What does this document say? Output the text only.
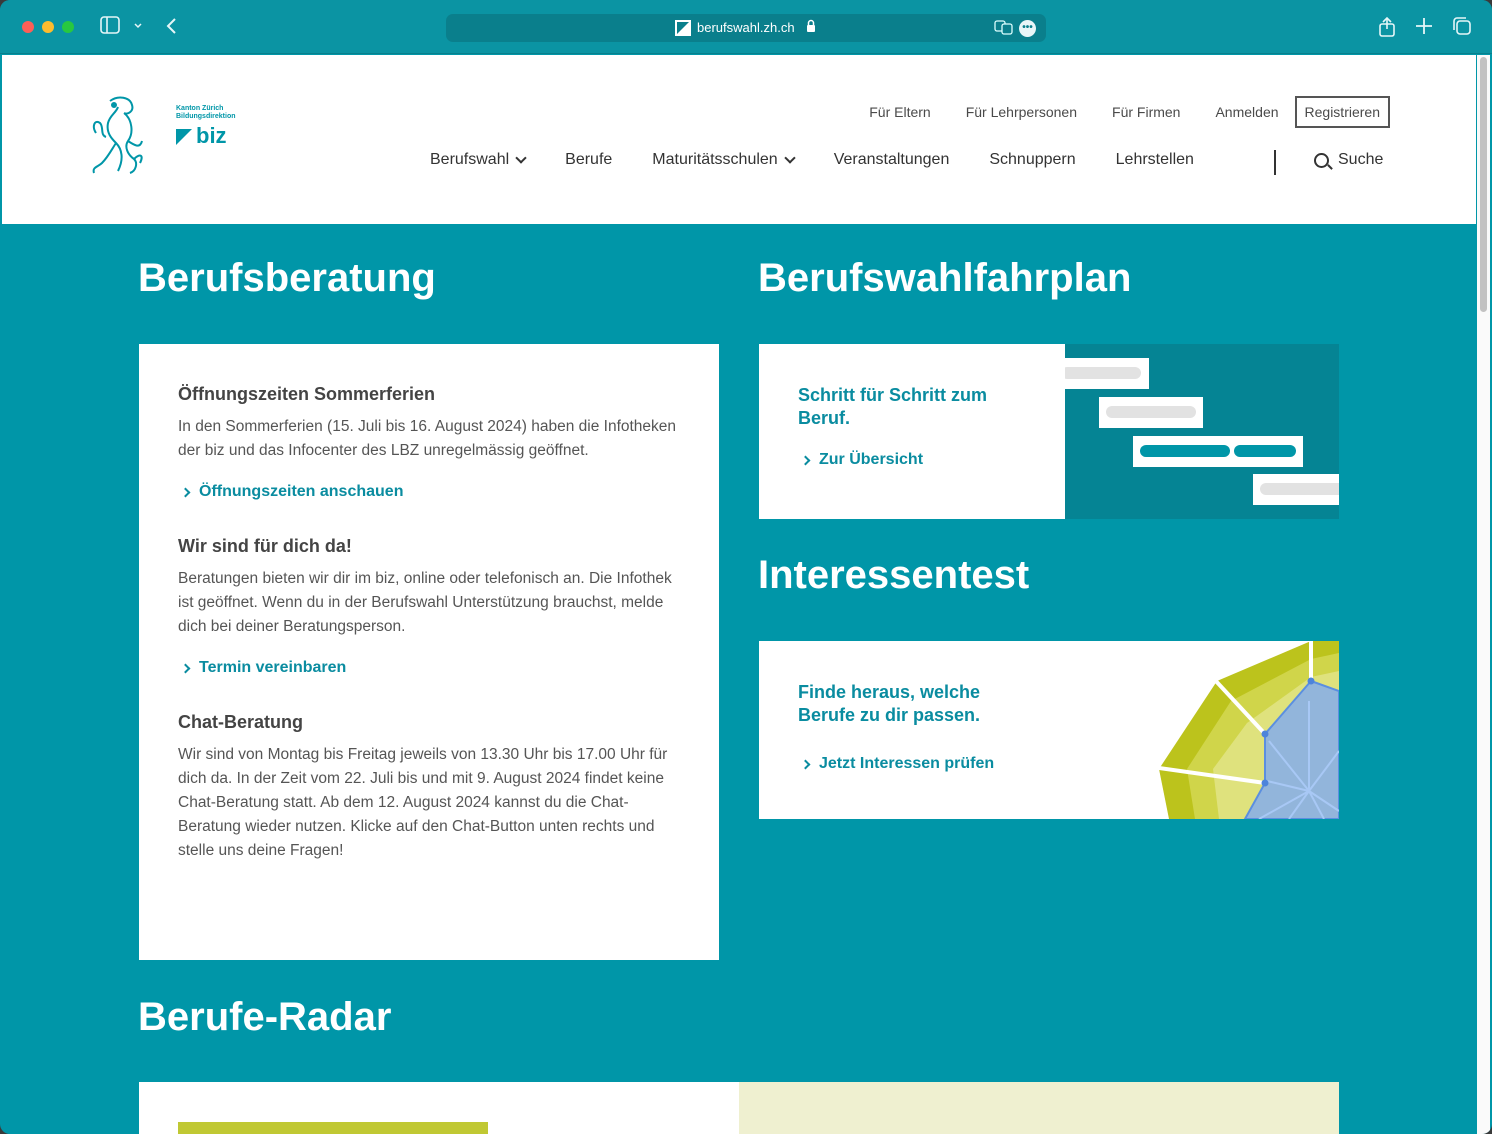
berufswahl.zh.ch	•••
Kanton Zürich
Bildungsdirektion
biz
Für Eltern	Für Lehrpersonen	Für Firmen	Anmelden	Registrieren
Berufswahl	Berufe	Maturitätsschulen	Veranstaltungen	Schnuppern	Lehrstellen	Suche
Berufsberatung
Öffnungszeiten Sommerferien

In den Sommerferien (15. Juli bis 16. August 2024) haben die Infotheken der biz und das Infocenter des LBZ unregelmässig geöffnet.

Öffnungszeiten anschauen
Wir sind für dich da!

Beratungen bieten wir dir im biz, online oder telefonisch an. Die Infothek ist geöffnet. Wenn du in der Berufswahl Unterstützung brauchst, melde dich bei deiner Beratungsperson.

Termin vereinbaren
Chat-Beratung

Wir sind von Montag bis Freitag jeweils von 13.30 Uhr bis 17.00 Uhr für dich da. In der Zeit vom 22. Juli bis und mit 9. August 2024 findet keine Chat-Beratung statt. Ab dem 12. August 2024 kannst du die Chat-Beratung wieder nutzen. Klicke auf den Chat-Button unten rechts und stelle uns deine Fragen!

Berufswahlfahrplan
Schritt für Schritt zum Beruf.
Zur Übersicht
Interessentest
Finde heraus, welche Berufe zu dir passen.
Jetzt Interessen prüfen
Berufe-Radar
